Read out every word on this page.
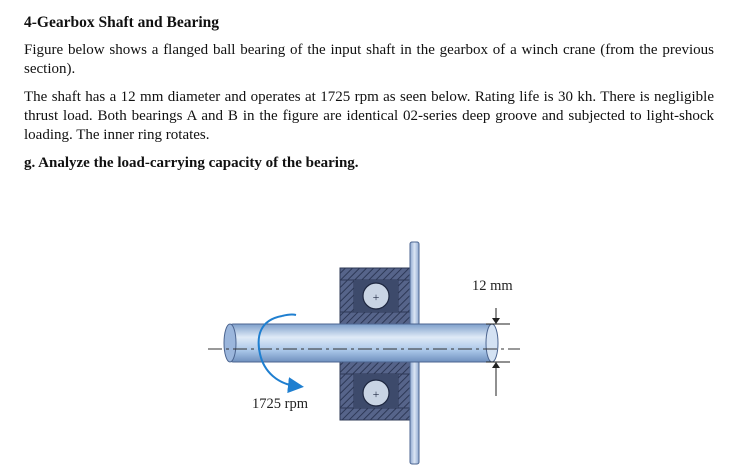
4-Gearbox Shaft and Bearing

Figure below shows a flanged ball bearing of the input shaft in the gearbox of a winch crane (from the previous section).

The shaft has a 12 mm diameter and operates at 1725 rpm as seen below. Rating life is 30 kh. There is negligible thrust load. Both bearings A and B in the figure are identical 02-series deep groove and subjected to light-shock loading. The inner ring rotates.

g. Analyze the load-carrying capacity of the bearing.

+
+
12 mm
1725 rpm
